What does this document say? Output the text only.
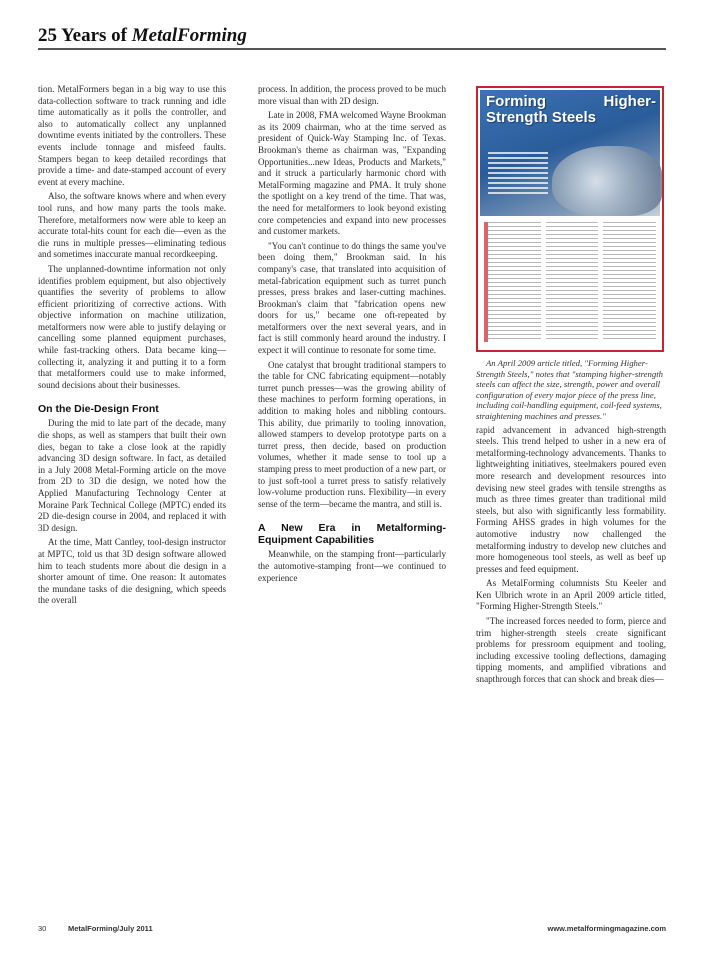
25 Years of MetalForming

tion. MetalFormers began in a big way to use this data-collection software to track running and idle time automatically as it polls the controller, and also to automatically collect any unplanned downtime events initiated by the controllers. These events include tonnage and misfeed faults. Stampers began to keep detailed recordings that provide a time- and date-stamped account of every event at every machine.

Also, the software knows where and when every tool runs, and how many parts the tools make. Therefore, metalformers now were able to keep an accurate total-hits count for each die—even as the die runs in multiple presses—eliminating tedious and sometimes inaccurate manual recordkeeping.

The unplanned-downtime information not only identifies problem equipment, but also objectively quantifies the severity of problems to allow efficient prioritizing of corrective actions. With objective information on machine utilization, metalformers now were able to justify delaying or cancelling some planned equipment purchases, while fast-tracking others. Data became king—collecting it, analyzing it and putting it to a form that metalformers could use to make informed, sound decisions about their businesses.

On the Die-Design Front

During the mid to late part of the decade, many die shops, as well as stampers that built their own dies, began to take a close look at the rapidly advancing 3D design software. In fact, as detailed in a July 2008 Metal-Forming article on the move from 2D to 3D die design, we noted how the Applied Manufacturing Technology Center at Moraine Park Technical College (MPTC) ended its 2D die-design course in 2004, and replaced it with 3D design.

At the time, Matt Cantley, tool-design instructor at MPTC, told us that 3D design software allowed him to teach students more about die design in a shorter amount of time. One reason: It automates the mundane tasks of die designing, which speeds the overall

process. In addition, the process proved to be much more visual than with 2D design.

Late in 2008, FMA welcomed Wayne Brookman as its 2009 chairman, who at the time served as president of Quick-Way Stamping Inc. of Texas. Brookman's theme as chairman was, "Expanding Opportunities...new Ideas, Products and Markets," and it struck a particularly harmonic chord with MetalForming magazine and PMA. It truly shone the spotlight on a key trend of the time. That was, the need for metalformers to look beyond existing core competencies and expand into new processes and customer markets.

"You can't continue to do things the same you've been doing them," Brookman said. In his company's case, that translated into acquisition of metal-fabrication equipment such as turret punch presses, press brakes and laser-cutting machines. Brookman's claim that "fabrication opens new doors for us," became one oft-repeated by metalformers over the next several years, and in fact is still commonly heard around the industry. I expect it will continue to resonate for some time.

One catalyst that brought traditional stampers to the table for CNC fabricating equipment—notably turret punch presses—was the growing ability of these machines to perform forming operations, in addition to making holes and nibbling contours. This ability, due primarily to tooling innovation, allowed stampers to develop prototype parts on a turret press, then decide, based on production volumes, whether it made sense to tool up a stamping press to meet production of a new part, or to just soft-tool a turret press to satisfy relatively low-volume production runs. Flexibility—in every sense of the term—became the mantra, and still is.

A New Era in Metalforming-Equipment Capabilities

Meanwhile, on the stamping front—particularly the automotive-stamping front—we continued to experience

Forming Higher-Strength Steels

An April 2009 article titled, "Forming Higher-Strength Steels," notes that "stamping higher-strength steels can affect the size, strength, power and overall configuration of every major piece of the press line, including coil-handling equipment, coil-feed systems, straightening machines and presses."

rapid advancement in advanced high-strength steels. This trend helped to usher in a new era of metalforming-technology advancements. Thanks to lightweighting initiatives, steelmakers poured even more research and development resources into devising new steel grades with tensile strengths as much as three times greater than traditional mild steels, but also with significantly less formability. Forming AHSS grades in high volumes for the automotive industry now challenged the metalforming industry to develop new clutches and more homogeneous tool steels, as well as beef up presses and feed equipment.

As MetalForming columnists Stu Keeler and Ken Ulbrich wrote in an April 2009 article titled, "Forming Higher-Strength Steels."

"The increased forces needed to form, pierce and trim higher-strength steels create significant problems for pressroom equipment and tooling, including excessive tooling deflections, damaging tipping moments, and amplified vibrations and snapthrough forces that can shock and break dies—

30	MetalForming/July 2011	www.metalformingmagazine.com
